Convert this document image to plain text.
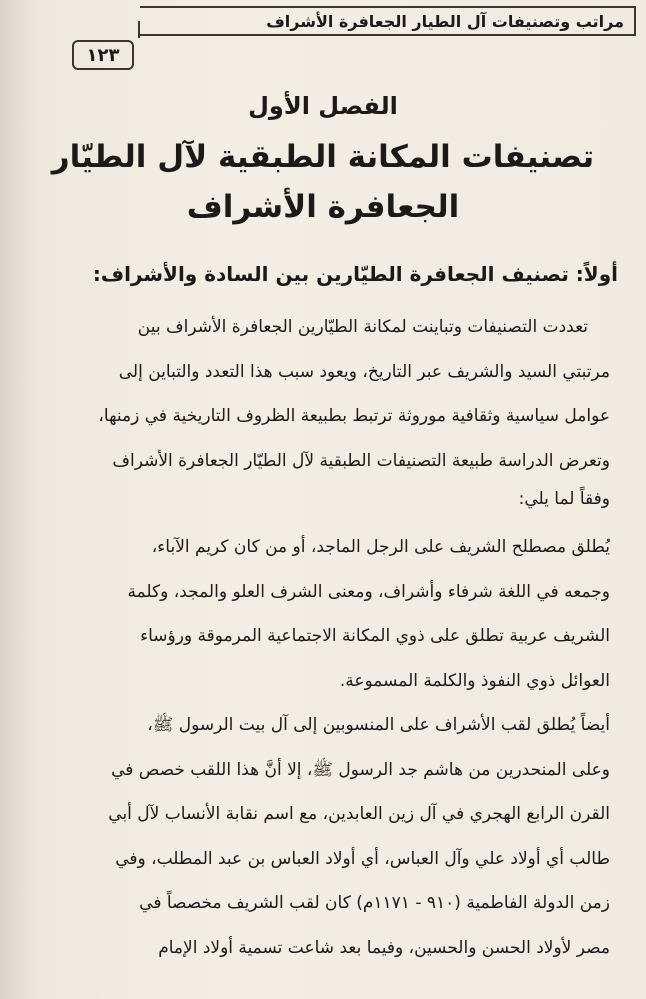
مراتب وتصنيفات آل الطيار الجعافرة الأشراف
١٢٣
الفصل الأول
تصنيفات المكانة الطبقية لآل الطيّار
الجعافرة الأشراف
أولاً: تصنيف الجعافرة الطيّارين بين السادة والأشراف:
تعددت التصنيفات وتباينت لمكانة الطيّارين الجعافرة الأشراف بين
مرتبتي السيد والشريف عبر التاريخ، ويعود سبب هذا التعدد والتباين إلى
عوامل سياسية وثقافية موروثة ترتبط بطبيعة الظروف التاريخية في زمنها،
وتعرض الدراسة طبيعة التصنيفات الطبقية لآل الطيّار الجعافرة الأشراف
وفقاً لما يلي:
يُطلق مصطلح الشريف على الرجل الماجد، أو من كان كريم الآباء،
وجمعه في اللغة شرفاء وأشراف، ومعنى الشرف العلو والمجد، وكلمة
الشريف عربية تطلق على ذوي المكانة الاجتماعية المرموقة ورؤساء
العوائل ذوي النفوذ والكلمة المسموعة.
أيضاً يُطلق لقب الأشراف على المنسوبين إلى آل بيت الرسول ﷺ،
وعلى المنحدرين من هاشم جد الرسول ﷺ، إلا أنَّ هذا اللقب خصص في
القرن الرابع الهجري في آل زين العابدين، مع اسم نقابة الأنساب لآل أبي
طالب أي أولاد علي وآل العباس، أي أولاد العباس بن عبد المطلب، وفي
زمن الدولة الفاطمية (٩١٠ - ١١٧١م) كان لقب الشريف مخصصاً في
مصر لأولاد الحسن والحسين، وفيما بعد شاعت تسمية أولاد الإمام
